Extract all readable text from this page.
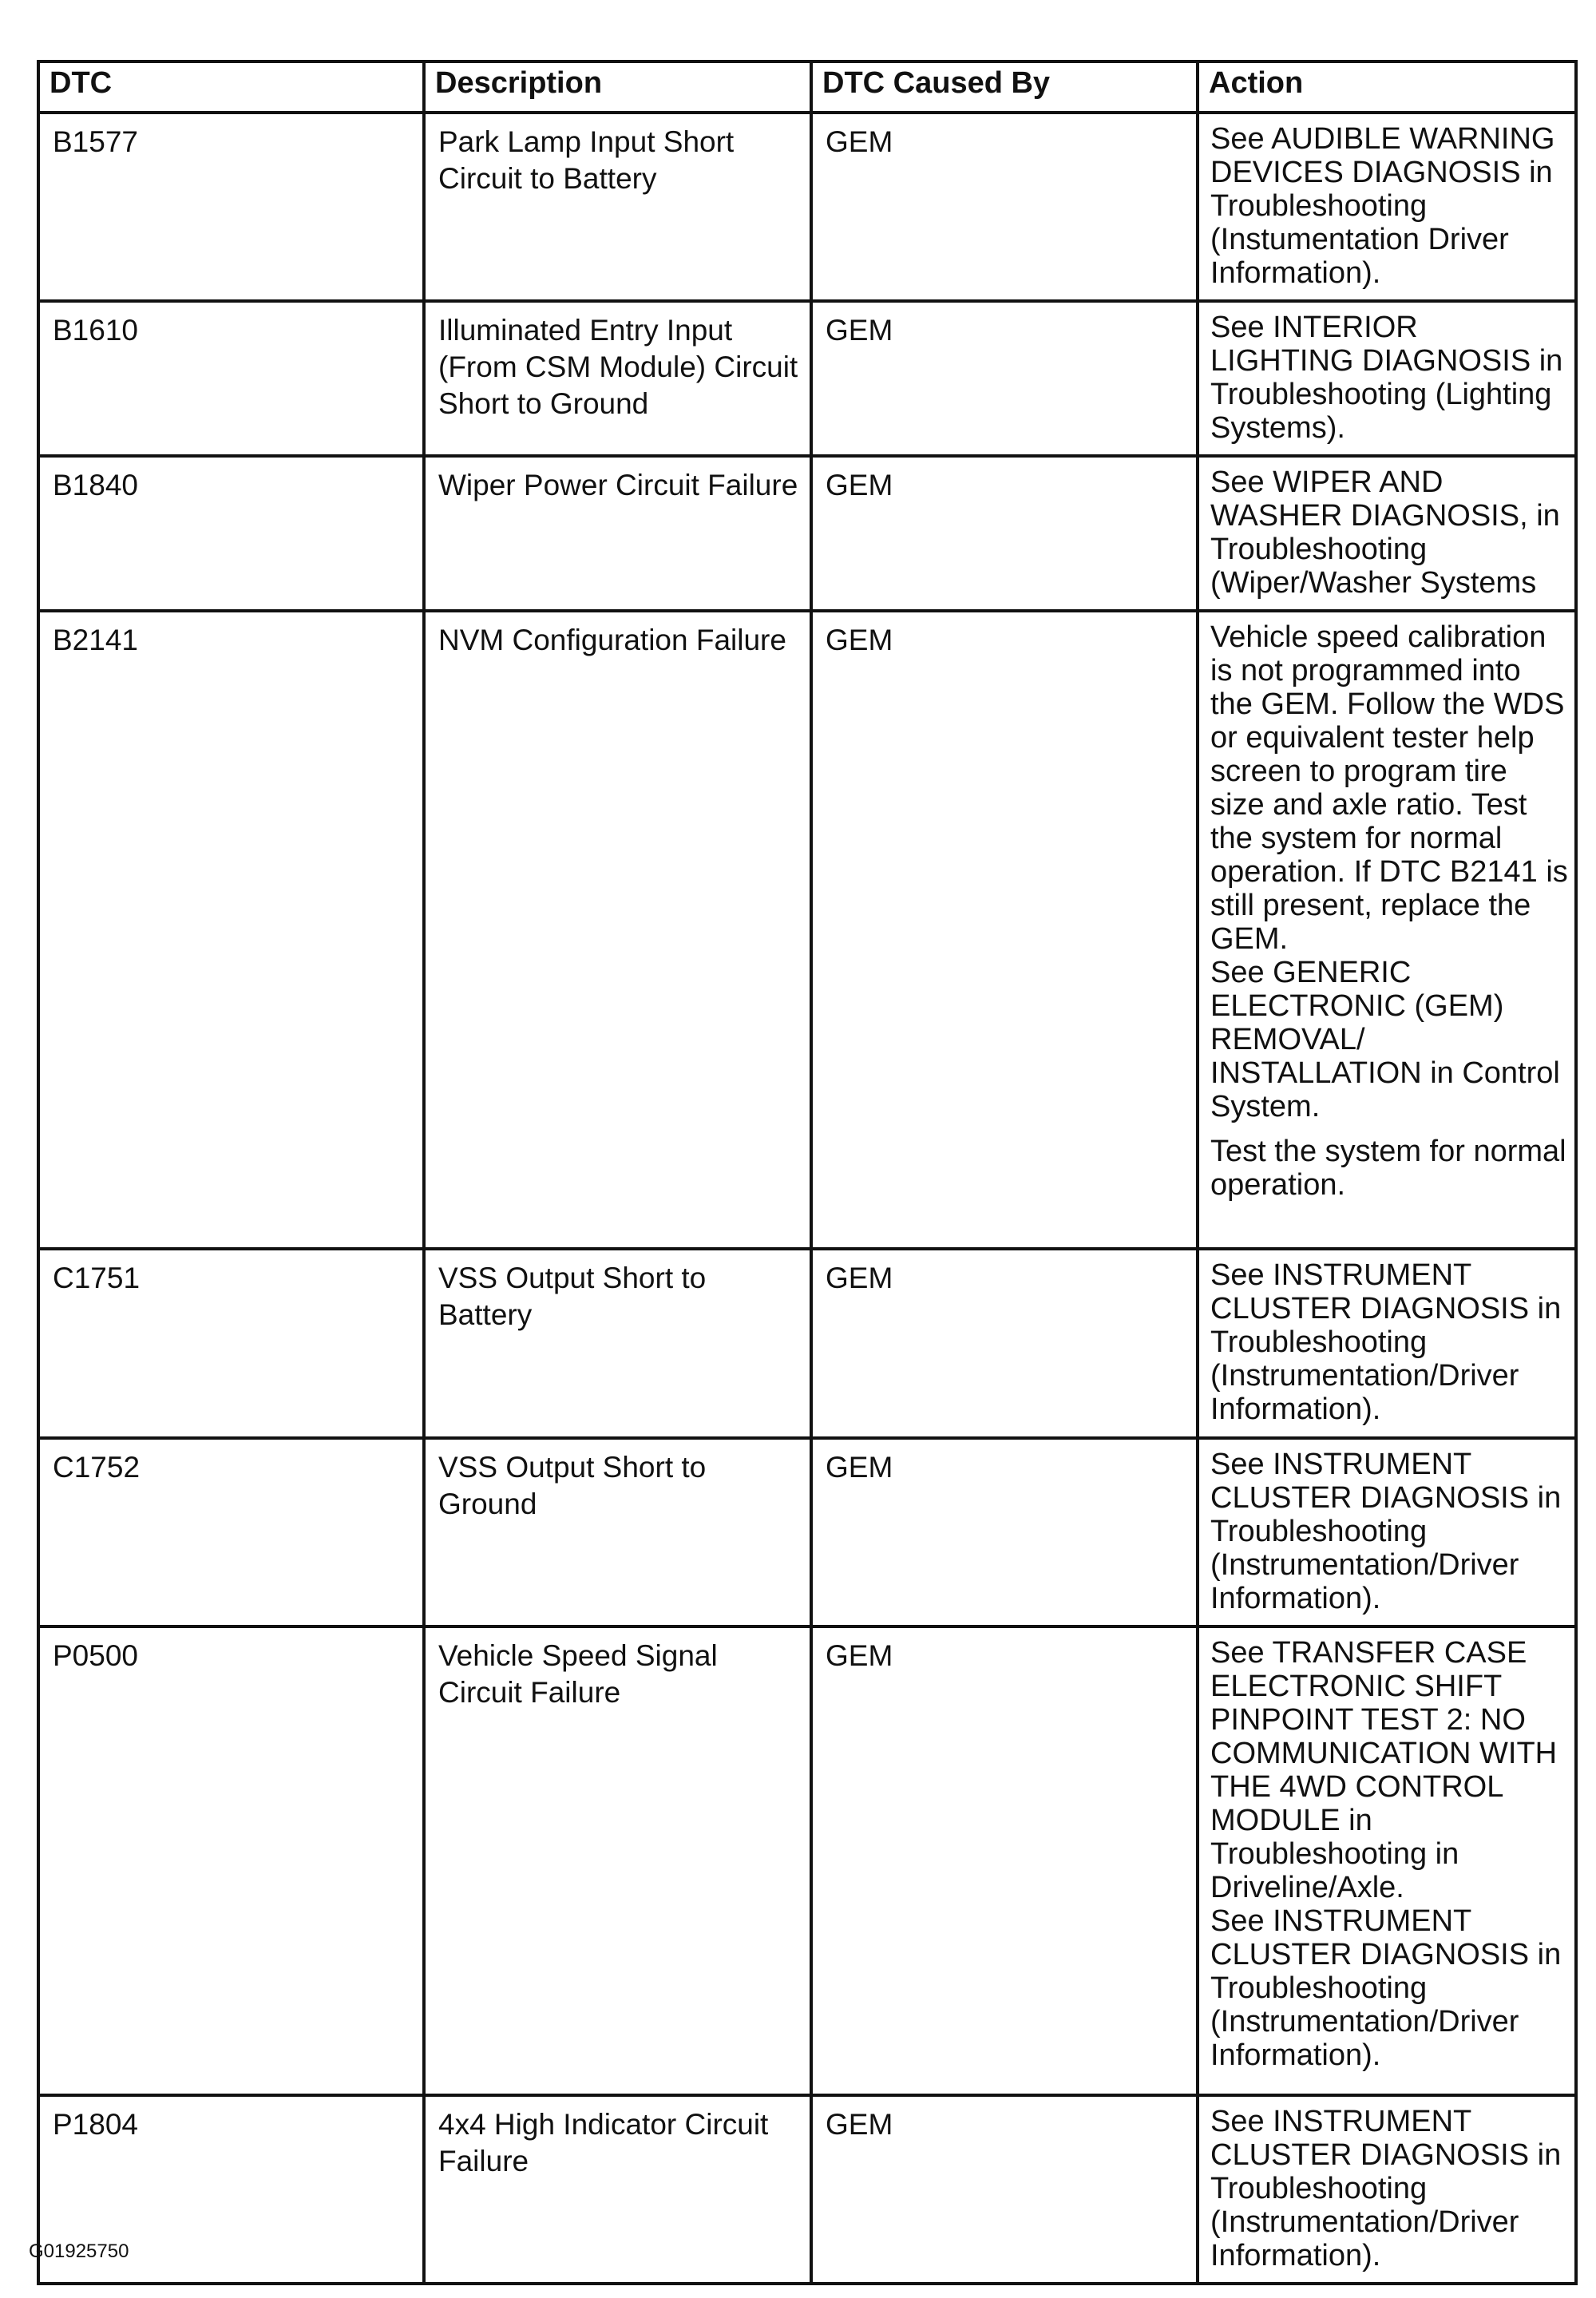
DTC	Description	DTC Caused By	Action
B1577	Park Lamp Input Short Circuit to Battery	GEM	See AUDIBLE WARNING DEVICES DIAGNOSIS in Troubleshooting (Instumentation Driver Information).

B1610	Illuminated Entry Input (From CSM Module) Circuit Short to Ground	GEM	See INTERIOR LIGHTING DIAGNOSIS in Troubleshooting (Lighting Systems).

B1840	Wiper Power Circuit Failure	GEM	See WIPER AND WASHER DIAGNOSIS, in Troubleshooting (Wiper/Washer Systems

B2141	NVM Configuration Failure	GEM	Vehicle speed calibration is not programmed into the GEM. Follow the WDS or equivalent tester help screen to program tire size and axle ratio. Test the system for normal operation. If DTC B2141 is still present, replace the GEM.
See GENERIC ELECTRONIC (GEM) REMOVAL/ INSTALLATION in Control System.
Test the system for normal operation.

C1751	VSS Output Short to Battery	GEM	See INSTRUMENT CLUSTER DIAGNOSIS in Troubleshooting (Instrumentation/Driver Information).

C1752	VSS Output Short to Ground	GEM	See INSTRUMENT CLUSTER DIAGNOSIS in Troubleshooting (Instrumentation/Driver Information).

P0500	Vehicle Speed Signal Circuit Failure	GEM	See TRANSFER CASE ELECTRONIC SHIFT PINPOINT TEST 2: NO COMMUNICATION WITH THE 4WD CONTROL MODULE in Troubleshooting in Driveline/Axle.
See INSTRUMENT CLUSTER DIAGNOSIS in Troubleshooting (Instrumentation/Driver Information).

P1804	4x4 High Indicator Circuit Failure	GEM	See INSTRUMENT CLUSTER DIAGNOSIS in Troubleshooting (Instrumentation/Driver Information).
G01925750
